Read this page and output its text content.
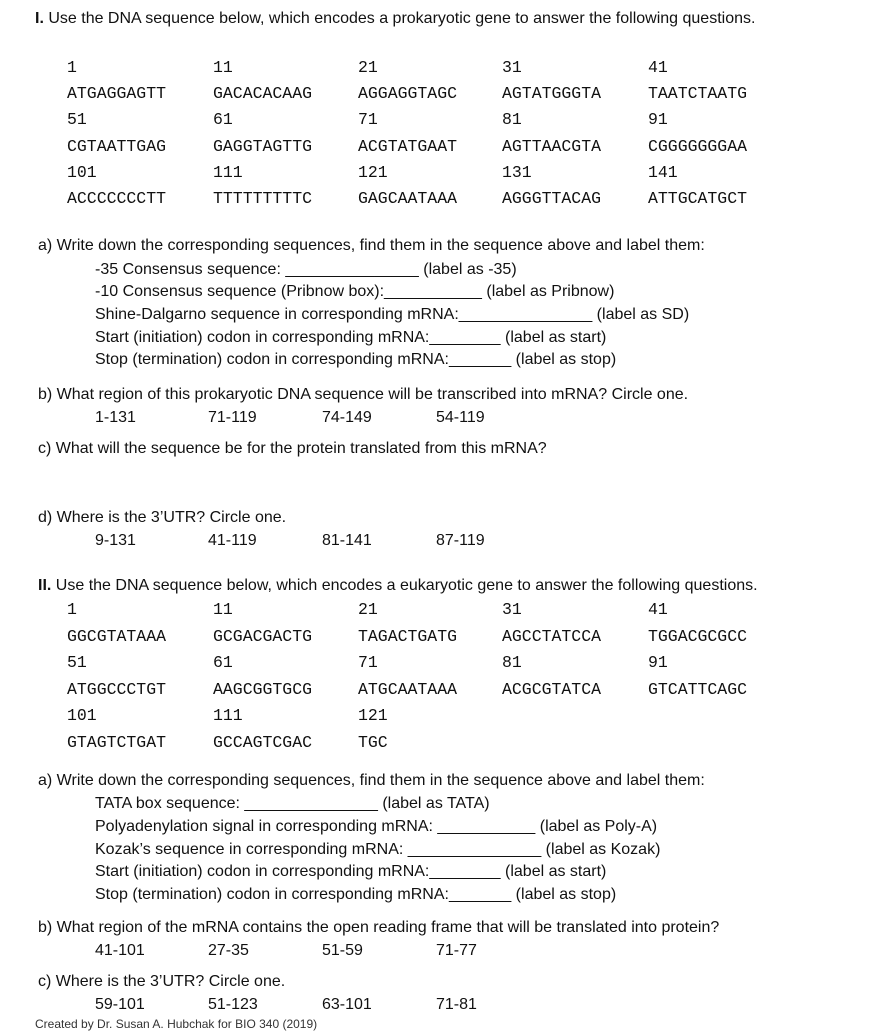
I. Use the DNA sequence below, which encodes a prokaryotic gene to answer the following questions.
1	11	21	31	41
ATGAGGAGTT	GACACACAAG	AGGAGGTAGC	AGTATGGGTA	TAATCTAATG
51	61	71	81	91
CGTAATTGAG	GAGGTAGTTG	ACGTATGAAT	AGTTAACGTA	CGGGGGGGAA
101	111	121	131	141
ACCCCCCCTT	TTTTTTTTTC	GAGCAATAAA	AGGGTTACAG	ATTGCATGCT
a) Write down the corresponding sequences, find them in the sequence above and label them:
-35 Consensus sequence: _______________ (label as -35)
-10 Consensus sequence (Pribnow box):___________ (label as Pribnow)
Shine-Dalgarno sequence in corresponding mRNA:_______________ (label as SD)
Start (initiation) codon in corresponding mRNA:________ (label as start)
Stop (termination) codon in corresponding mRNA:_______ (label as stop)
b) What region of this prokaryotic DNA sequence will be transcribed into mRNA? Circle one.
1-131	71-119	74-149	54-119
c) What will the sequence be for the protein translated from this mRNA?
d) Where is the 3’UTR? Circle one.
9-131	41-119	81-141	87-119
II. Use the DNA sequence below, which encodes a eukaryotic gene to answer the following questions.
1	11	21	31	41
GGCGTATAAA	GCGACGACTG	TAGACTGATG	AGCCTATCCA	TGGACGCGCC
51	61	71	81	91
ATGGCCCTGT	AAGCGGTGCG	ATGCAATAAA	ACGCGTATCA	GTCATTCAGC
101	111	121
GTAGTCTGAT	GCCAGTCGAC	TGC
a) Write down the corresponding sequences, find them in the sequence above and label them:
TATA box sequence: _______________ (label as TATA)
Polyadenylation signal in corresponding mRNA: ___________ (label as Poly-A)
Kozak’s sequence in corresponding mRNA: _______________ (label as Kozak)
Start (initiation) codon in corresponding mRNA:________ (label as start)
Stop (termination) codon in corresponding mRNA:_______ (label as stop)
b) What region of the mRNA contains the open reading frame that will be translated into protein?
41-101	27-35	51-59	71-77
c) Where is the 3’UTR? Circle one.
59-101	51-123	63-101	71-81
Created by Dr. Susan A. Hubchak for BIO 340 (2019)
